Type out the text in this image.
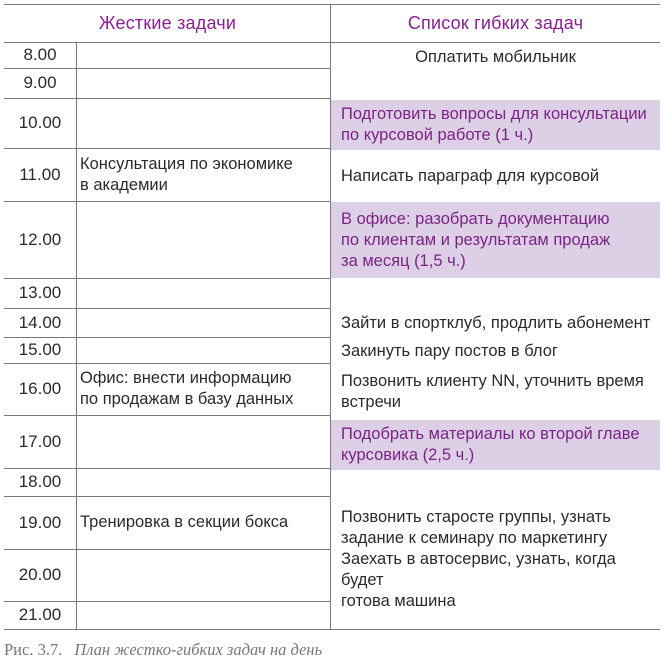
Жесткие задачи	Список гибких задач
8.00
9.00
10.00
11.00
12.00
13.00
14.00
15.00
16.00
17.00
18.00
19.00
20.00
21.00
Консультация по экономике
в академии
Офис: внести информацию
по продажам в базу данных
Тренировка в секции бокса
Оплатить мобильник
Подготовить вопросы для консультации
по курсовой работе (1 ч.)
Написать параграф для курсовой
В офисе: разобрать документацию
по клиентам и результатам продаж
за месяц (1,5 ч.)
Зайти в спортклуб, продлить абонемент
Закинуть пару постов в блог
Позвонить клиенту NN, уточнить время
встречи
Подобрать материалы ко второй главе
курсовика (2,5 ч.)
Позвонить старосте группы, узнать
задание к семинару по маркетингу
Заехать в автосервис, узнать, когда будет
готова машина
Рис. 3.7. План жестко-гибких задач на день
